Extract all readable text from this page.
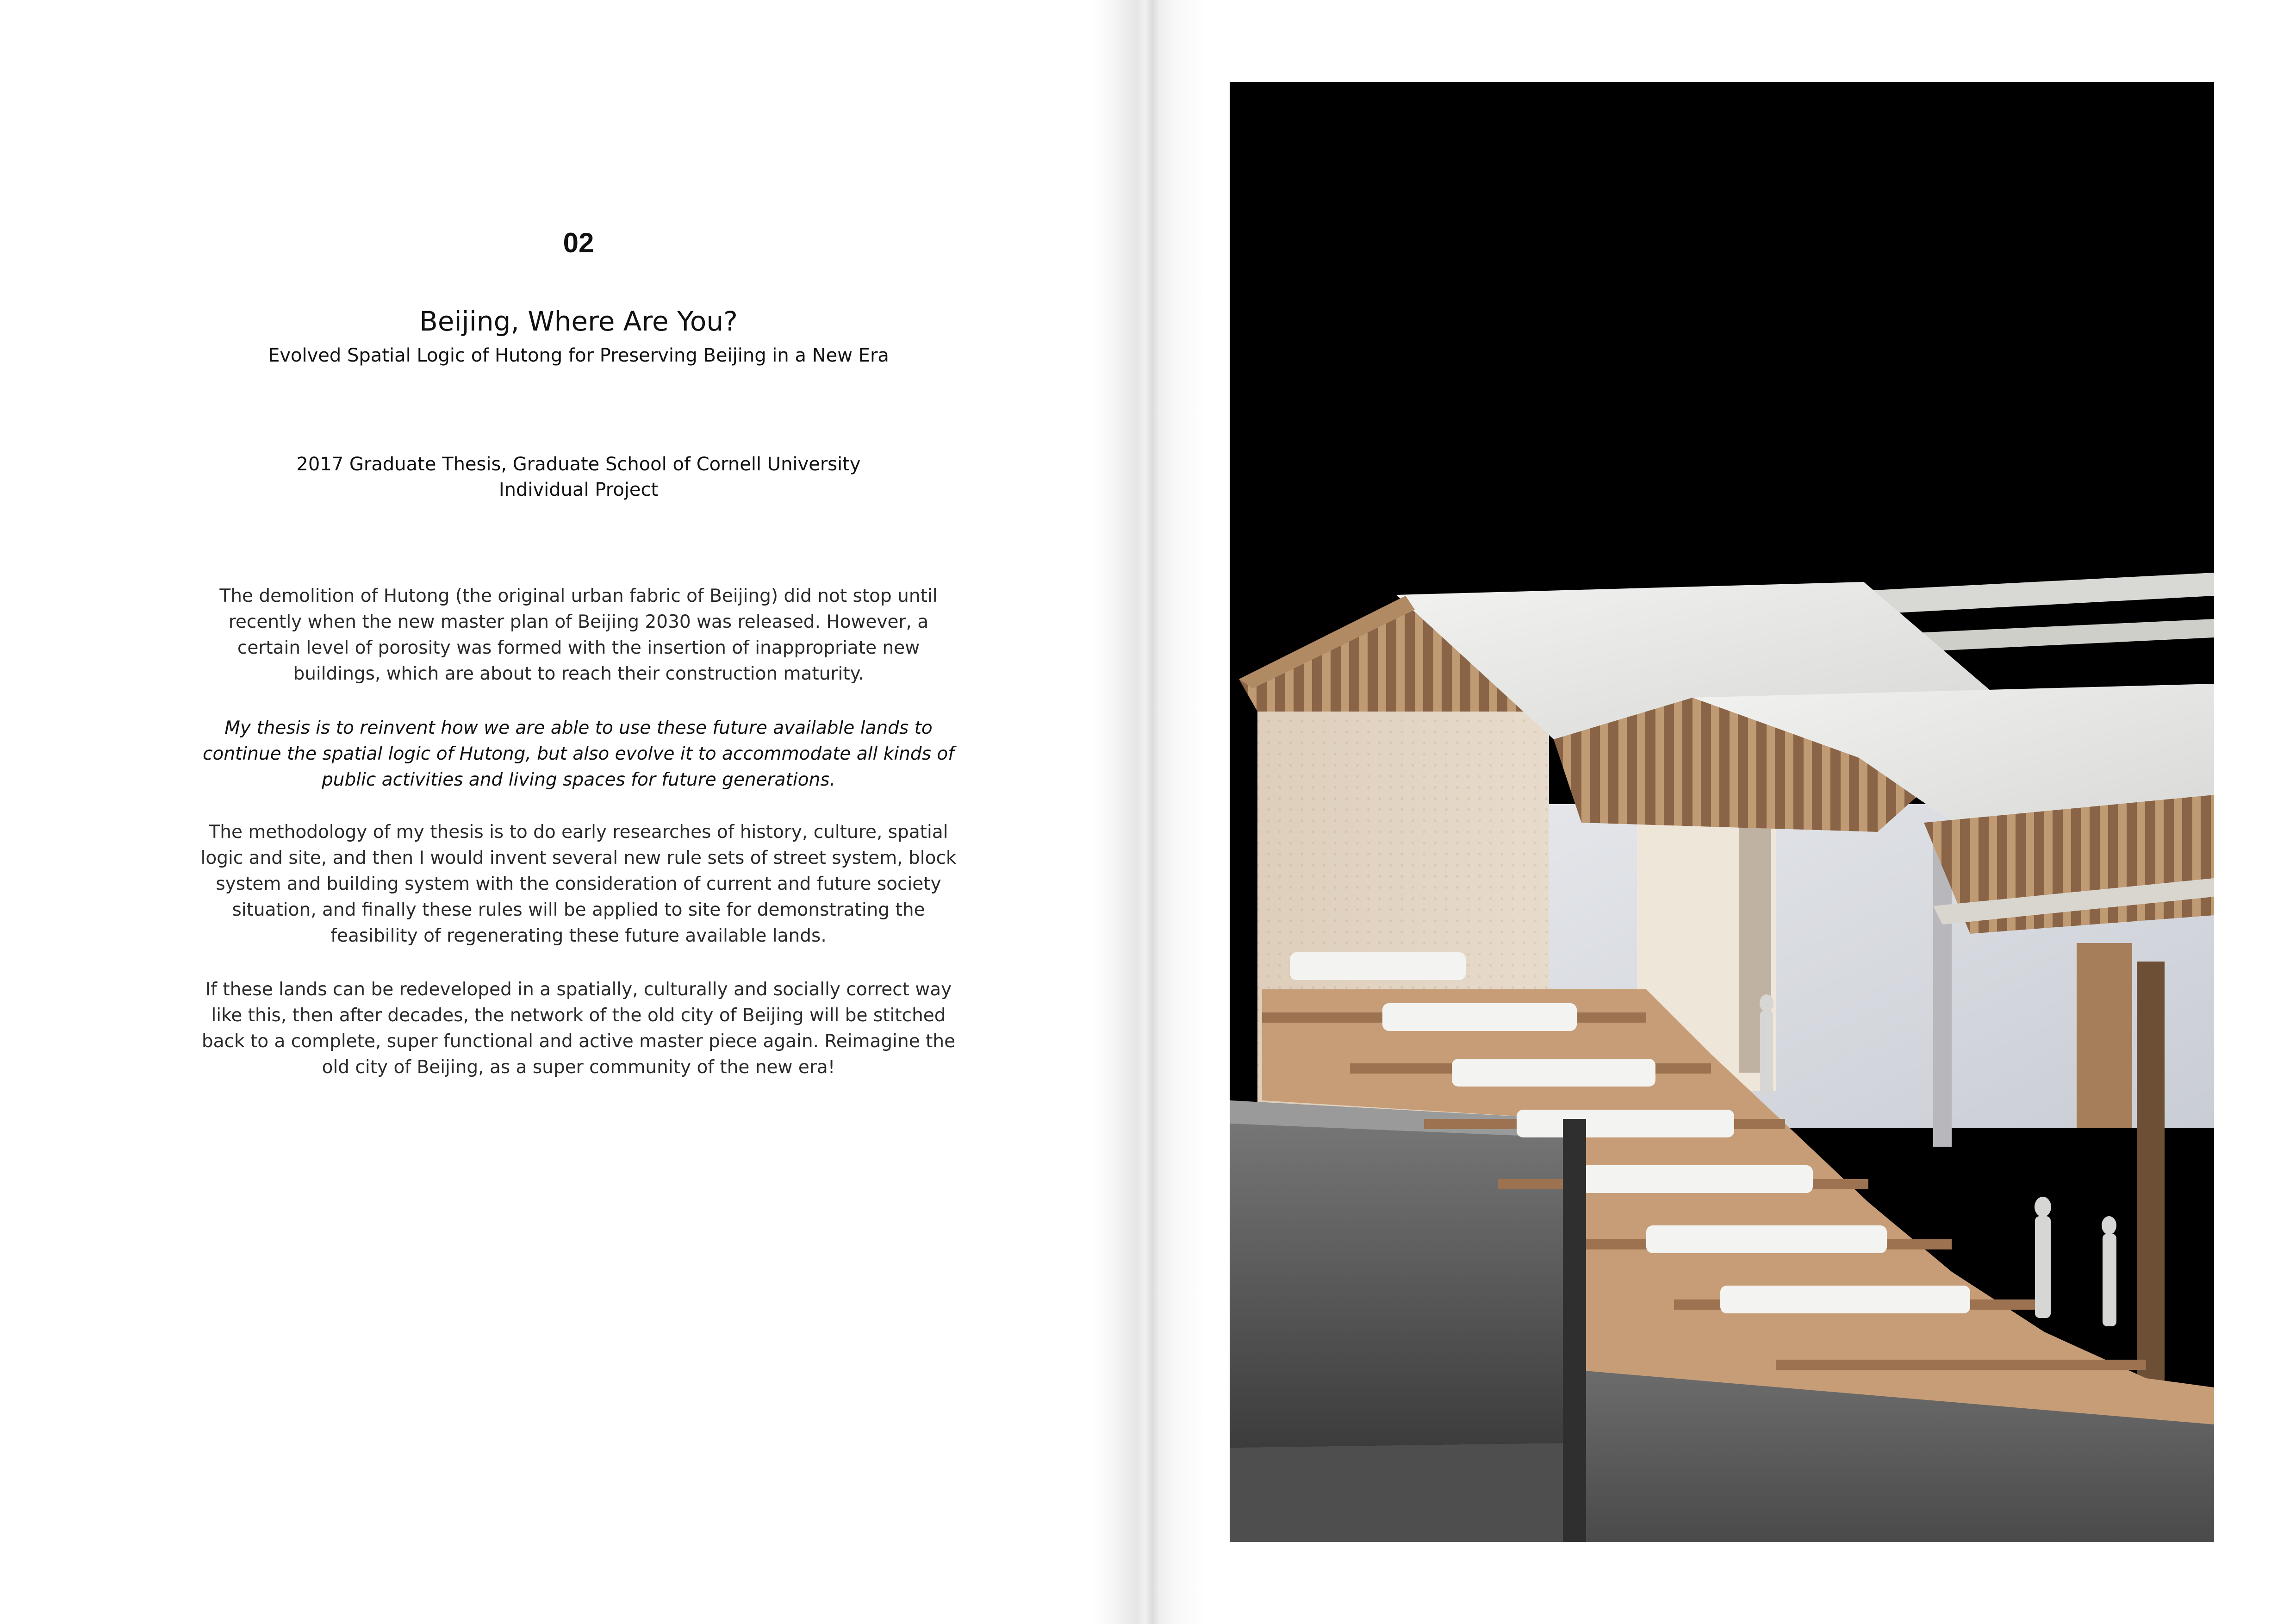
02
Beijing, Where Are You?
Evolved Spatial Logic of Hutong for Preserving Beijing in a New Era
2017 Graduate Thesis, Graduate School of Cornell University
Individual Project
The demolition of Hutong (the original urban fabric of Beijing) did not stop until recently when the new master plan of Beijing 2030 was released. However, a certain level of porosity was formed with the insertion of inappropriate new buildings, which are about to reach their construction maturity.
My thesis is to reinvent how we are able to use these future available lands to continue the spatial logic of Hutong, but also evolve it to accommodate all kinds of public activities and living spaces for future generations.
The methodology of my thesis is to do early researches of history, culture, spatial logic and site, and then I would invent several new rule sets of street system, block system and building system with the consideration of current and future society situation, and finally these rules will be applied to site for demonstrating the feasibility of regenerating these future available lands.
If these lands can be redeveloped in a spatially, culturally and socially correct way like this, then after decades, the network of the old city of Beijing will be stitched back to a complete, super functional and active master piece again. Reimagine the old city of Beijing, as a super community of the new era!
